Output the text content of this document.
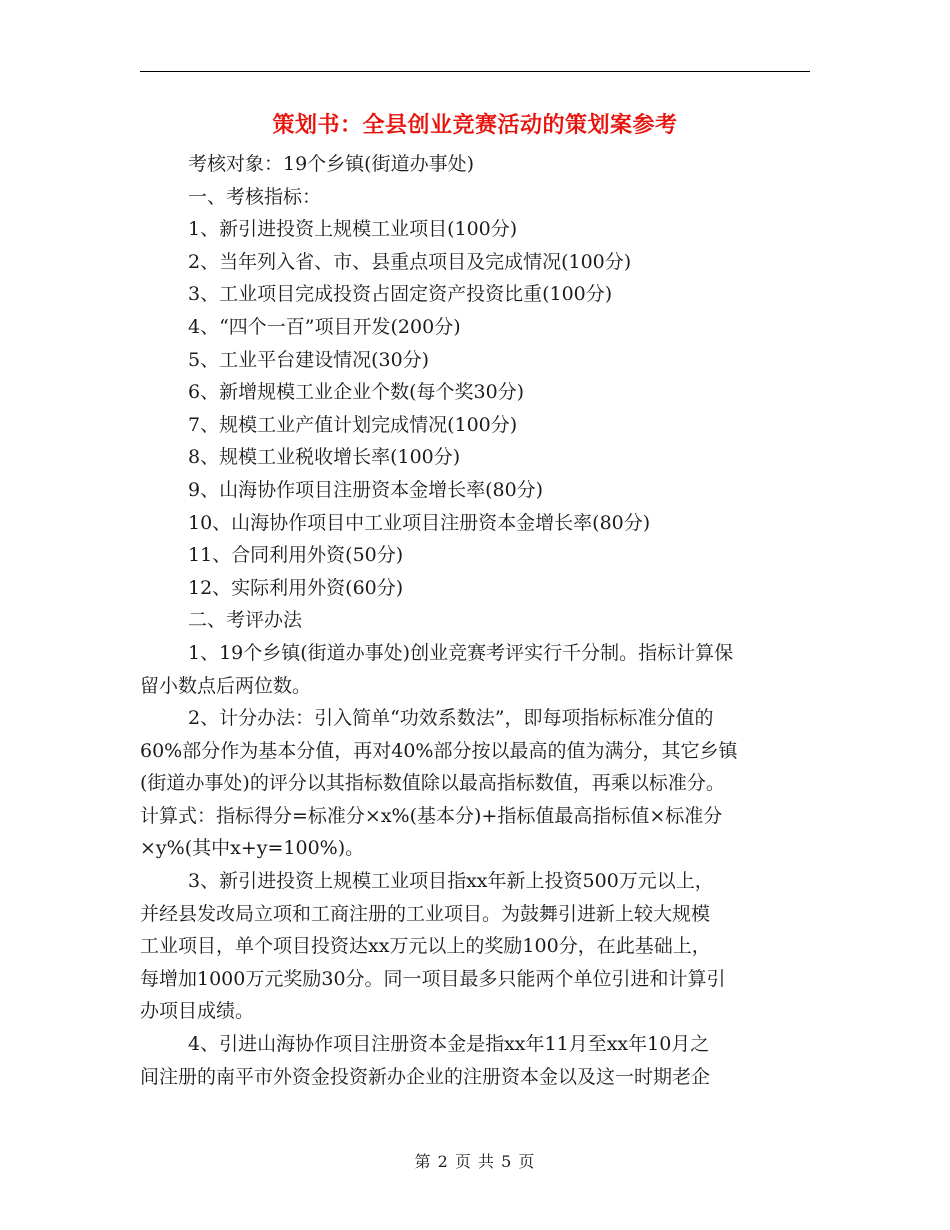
策划书：全县创业竞赛活动的策划案参考
考核对象：19个乡镇(街道办事处)
一、考核指标：
1、新引进投资上规模工业项目(100分)
2、当年列入省、市、县重点项目及完成情况(100分)
3、工业项目完成投资占固定资产投资比重(100分)
4、“四个一百”项目开发(200分)
5、工业平台建设情况(30分)
6、新增规模工业企业个数(每个奖30分)
7、规模工业产值计划完成情况(100分)
8、规模工业税收增长率(100分)
9、山海协作项目注册资本金增长率(80分)
10、山海协作项目中工业项目注册资本金增长率(80分)
11、合同利用外资(50分)
12、实际利用外资(60分)
二、考评办法
1、19个乡镇(街道办事处)创业竞赛考评实行千分制。指标计算保
留小数点后两位数。
2、计分办法：引入简单“功效系数法”，即每项指标标准分值的
60%部分作为基本分值，再对40%部分按以最高的值为满分，其它乡镇
(街道办事处)的评分以其指标数值除以最高指标数值，再乘以标准分。
计算式：指标得分=标准分×x%(基本分)+指标值最高指标值×标准分
×y%(其中x+y=100%)。
3、新引进投资上规模工业项目指xx年新上投资500万元以上，
并经县发改局立项和工商注册的工业项目。为鼓舞引进新上较大规模
工业项目，单个项目投资达xx万元以上的奖励100分，在此基础上，
每增加1000万元奖励30分。同一项目最多只能两个单位引进和计算引
办项目成绩。
4、引进山海协作项目注册资本金是指xx年11月至xx年10月之
间注册的南平市外资金投资新办企业的注册资本金以及这一时期老企
第 2 页 共 5 页
